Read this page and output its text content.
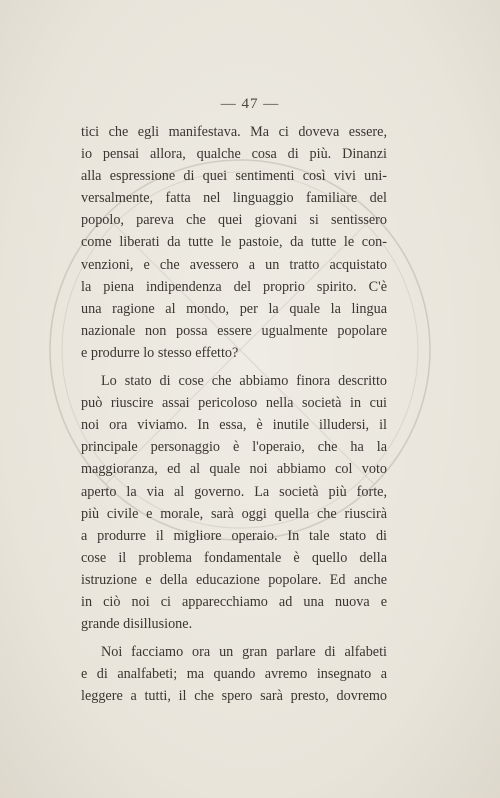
— 47 —

tici che egli manifestava. Ma ci doveva essere,
io pensai allora, qualche cosa di più. Dinanzi
alla espressione di quei sentimenti così vivi uni-
versalmente, fatta nel linguaggio familiare del
popolo, pareva che quei giovani si sentissero
come liberati da tutte le pastoie, da tutte le con-
venzioni, e che avessero a un tratto acquistato
la piena indipendenza del proprio spirito. C'è
una ragione al mondo, per la quale la lingua
nazionale non possa essere ugualmente popolare
e produrre lo stesso effetto?

Lo stato di cose che abbiamo finora descritto
può riuscire assai pericoloso nella società in cui
noi ora viviamo. In essa, è inutile illudersi, il
principale personaggio è l'operaio, che ha la
maggioranza, ed al quale noi abbiamo col voto
aperto la via al governo. La società più forte,
più civile e morale, sarà oggi quella che riuscirà
a produrre il migliore operaio. In tale stato di
cose il problema fondamentale è quello della
istruzione e della educazione popolare. Ed anche
in ciò noi ci apparecchiamo ad una nuova e
grande disillusione.

Noi facciamo ora un gran parlare di alfabeti
e di analfabeti; ma quando avremo insegnato a
leggere a tutti, il che spero sarà presto, dovremo
